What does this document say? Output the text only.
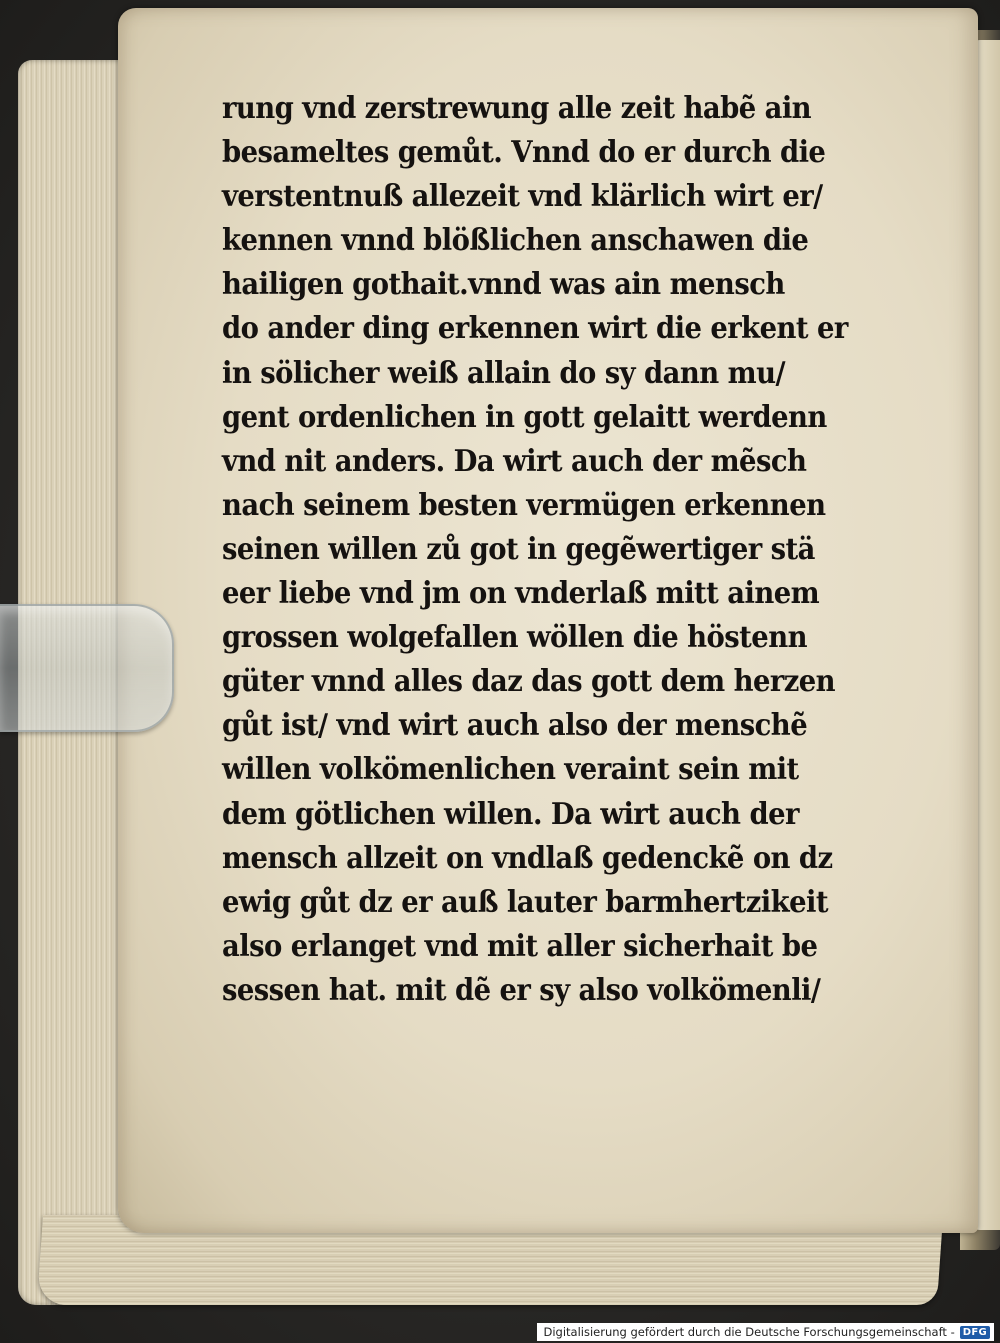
rung vnd zerstrewung alle zeit habẽ ain
besameltes gemůt. Vnnd do er durch die
verstentnuß allezeit vnd klärlich wirt er/
kennen vnnd blößlichen anschawen die
hailigen gothait.vnnd was ain mensch
do ander ding erkennen wirt die erkent er
in sölicher weiß allain do sy dann mu/
gent ordenlichen in gott gelaitt werdenn
vnd nit anders. Da wirt auch der mẽsch
nach seinem besten vermügen erkennen
seinen willen zů got in gegẽwertiger stä
eer liebe vnd jm on vnderlaß mitt ainem
grossen wolgefallen wöllen die höstenn
güter vnnd alles daz das gott dem herzen
gůt ist/ vnd wirt auch also der menschẽ
willen volkömenlichen veraint sein mit
dem götlichen willen. Da wirt auch der
mensch allzeit on vndlaß gedenckẽ on dz
ewig gůt dz er auß lauter barmhertzikeit
also erlanget vnd mit aller sicherhait be
sessen hat. mit dẽ er sy also volkömenli/
Digitalisierung gefördert durch die Deutsche Forschungsgemeinschaft - DFG
